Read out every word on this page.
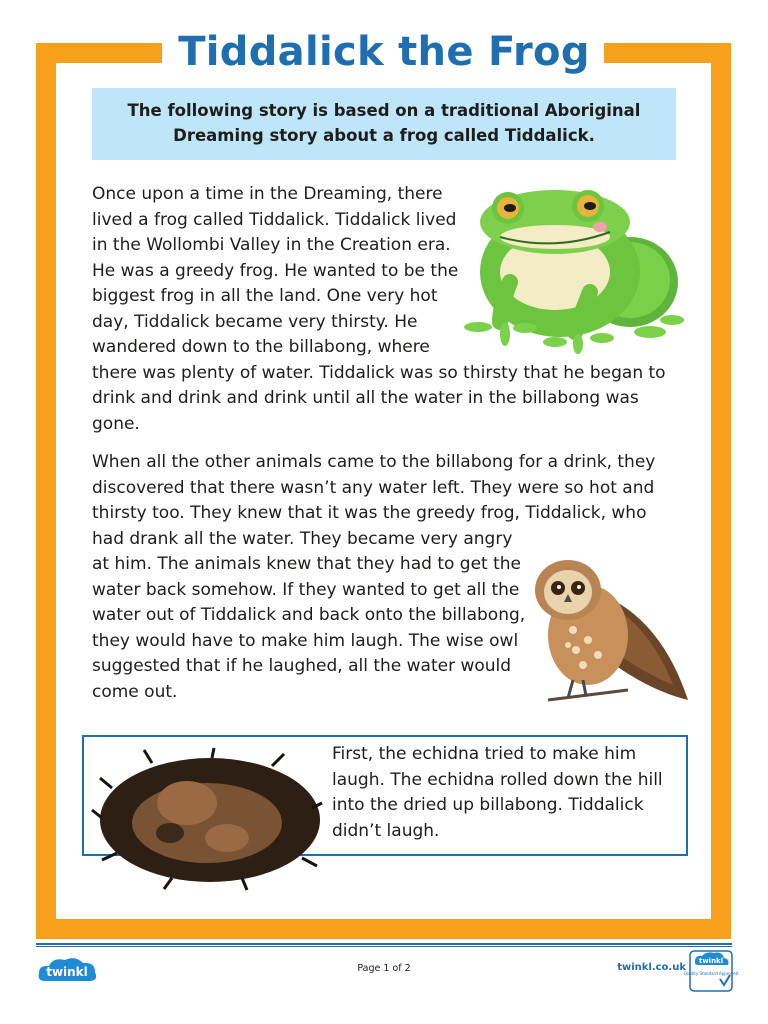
Tiddalick the Frog
The following story is based on a traditional Aboriginal Dreaming story about a frog called Tiddalick.
Once upon a time in the Dreaming, there lived a frog called Tiddalick. Tiddalick lived in the Wollombi Valley in the Creation era. He was a greedy frog. He wanted to be the biggest frog in all the land. One very hot day, Tiddalick became very thirsty. He wandered down to the billabong, where there was plenty of water. Tiddalick was so thirsty that he began to drink and drink and drink until all the water in the billabong was gone.
When all the other animals came to the billabong for a drink, they discovered that there wasn’t any water left. They were so hot and thirsty too. They knew that it was the greedy frog, Tiddalick, who had drank all the water. They became very angry at him. The animals knew that they had to get the water back somehow. If they wanted to get all the water out of Tiddalick and back onto the billabong, they would have to make him laugh. The wise owl suggested that if he laughed, all the water would come out.
First, the echidna tried to make him laugh. The echidna rolled down the hill into the dried up billabong. Tiddalick didn’t laugh.
twinkl	Page 1 of 2	twinkl.co.uk
twinkl
Quality Standard Approved
